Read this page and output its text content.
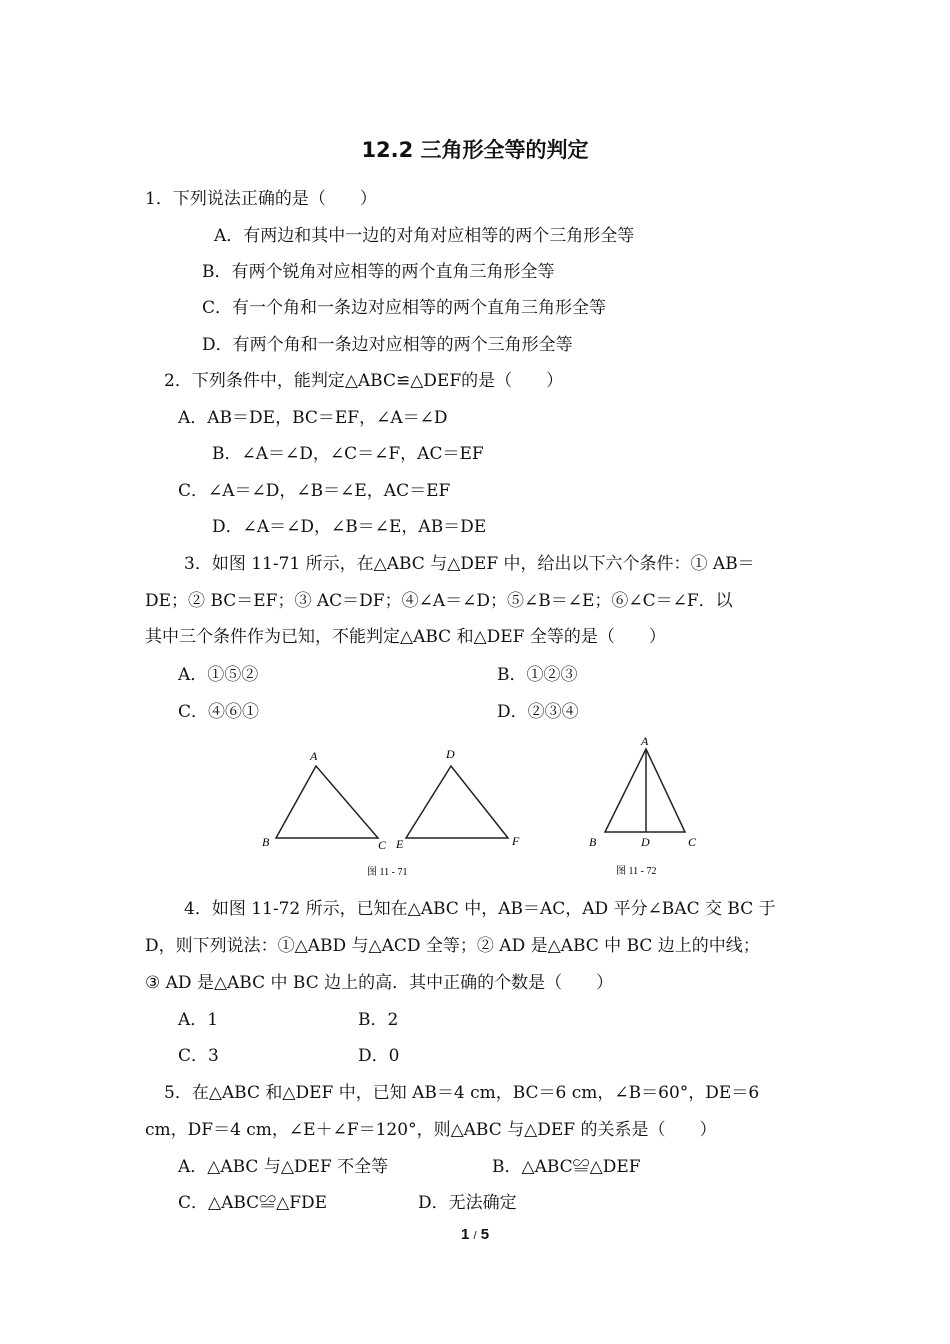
12.2 三角形全等的判定
1．下列说法正确的是（　　）
A．有两边和其中一边的对角对应相等的两个三角形全等
B．有两个锐角对应相等的两个直角三角形全等
C．有一个角和一条边对应相等的两个直角三角形全等
D．有两个角和一条边对应相等的两个三角形全等
2．下列条件中，能判定△ABC≌△DEF的是（　　）
A．AB＝DE，BC＝EF，∠A＝∠D
B．∠A＝∠D，∠C＝∠F，AC＝EF
C．∠A＝∠D，∠B＝∠E，AC＝EF
D．∠A＝∠D，∠B＝∠E，AB＝DE
3．如图 11-71 所示，在△ABC 与△DEF 中，给出以下六个条件：① AB＝
DE；② BC＝EF；③ AC＝DF；④∠A＝∠D；⑤∠B＝∠E；⑥∠C＝∠F．以
其中三个条件作为已知，不能判定△ABC 和△DEF 全等的是（　　）
A．①⑤②	B．①②③
C．④⑥①	D．②③④
A
B	C
D
E	F
图 11 - 71
A
B	D	C
图 11 - 72
4．如图 11-72 所示，已知在△ABC 中，AB＝AC，AD 平分∠BAC 交 BC 于
D，则下列说法：①△ABD 与△ACD 全等；② AD 是△ABC 中 BC 边上的中线；
③ AD 是△ABC 中 BC 边上的高．其中正确的个数是（　　）
A．1	B．2
C．3	D．0
5．在△ABC 和△DEF 中，已知 AB＝4 cm，BC＝6 cm，∠B＝60°，DE＝6
cm，DF＝4 cm，∠E＋∠F＝120°，则△ABC 与△DEF 的关系是（　　）
A．△ABC 与△DEF 不全等	B．△ABC≌△DEF
C．△ABC≌△FDE	D．无法确定
1 / 5
